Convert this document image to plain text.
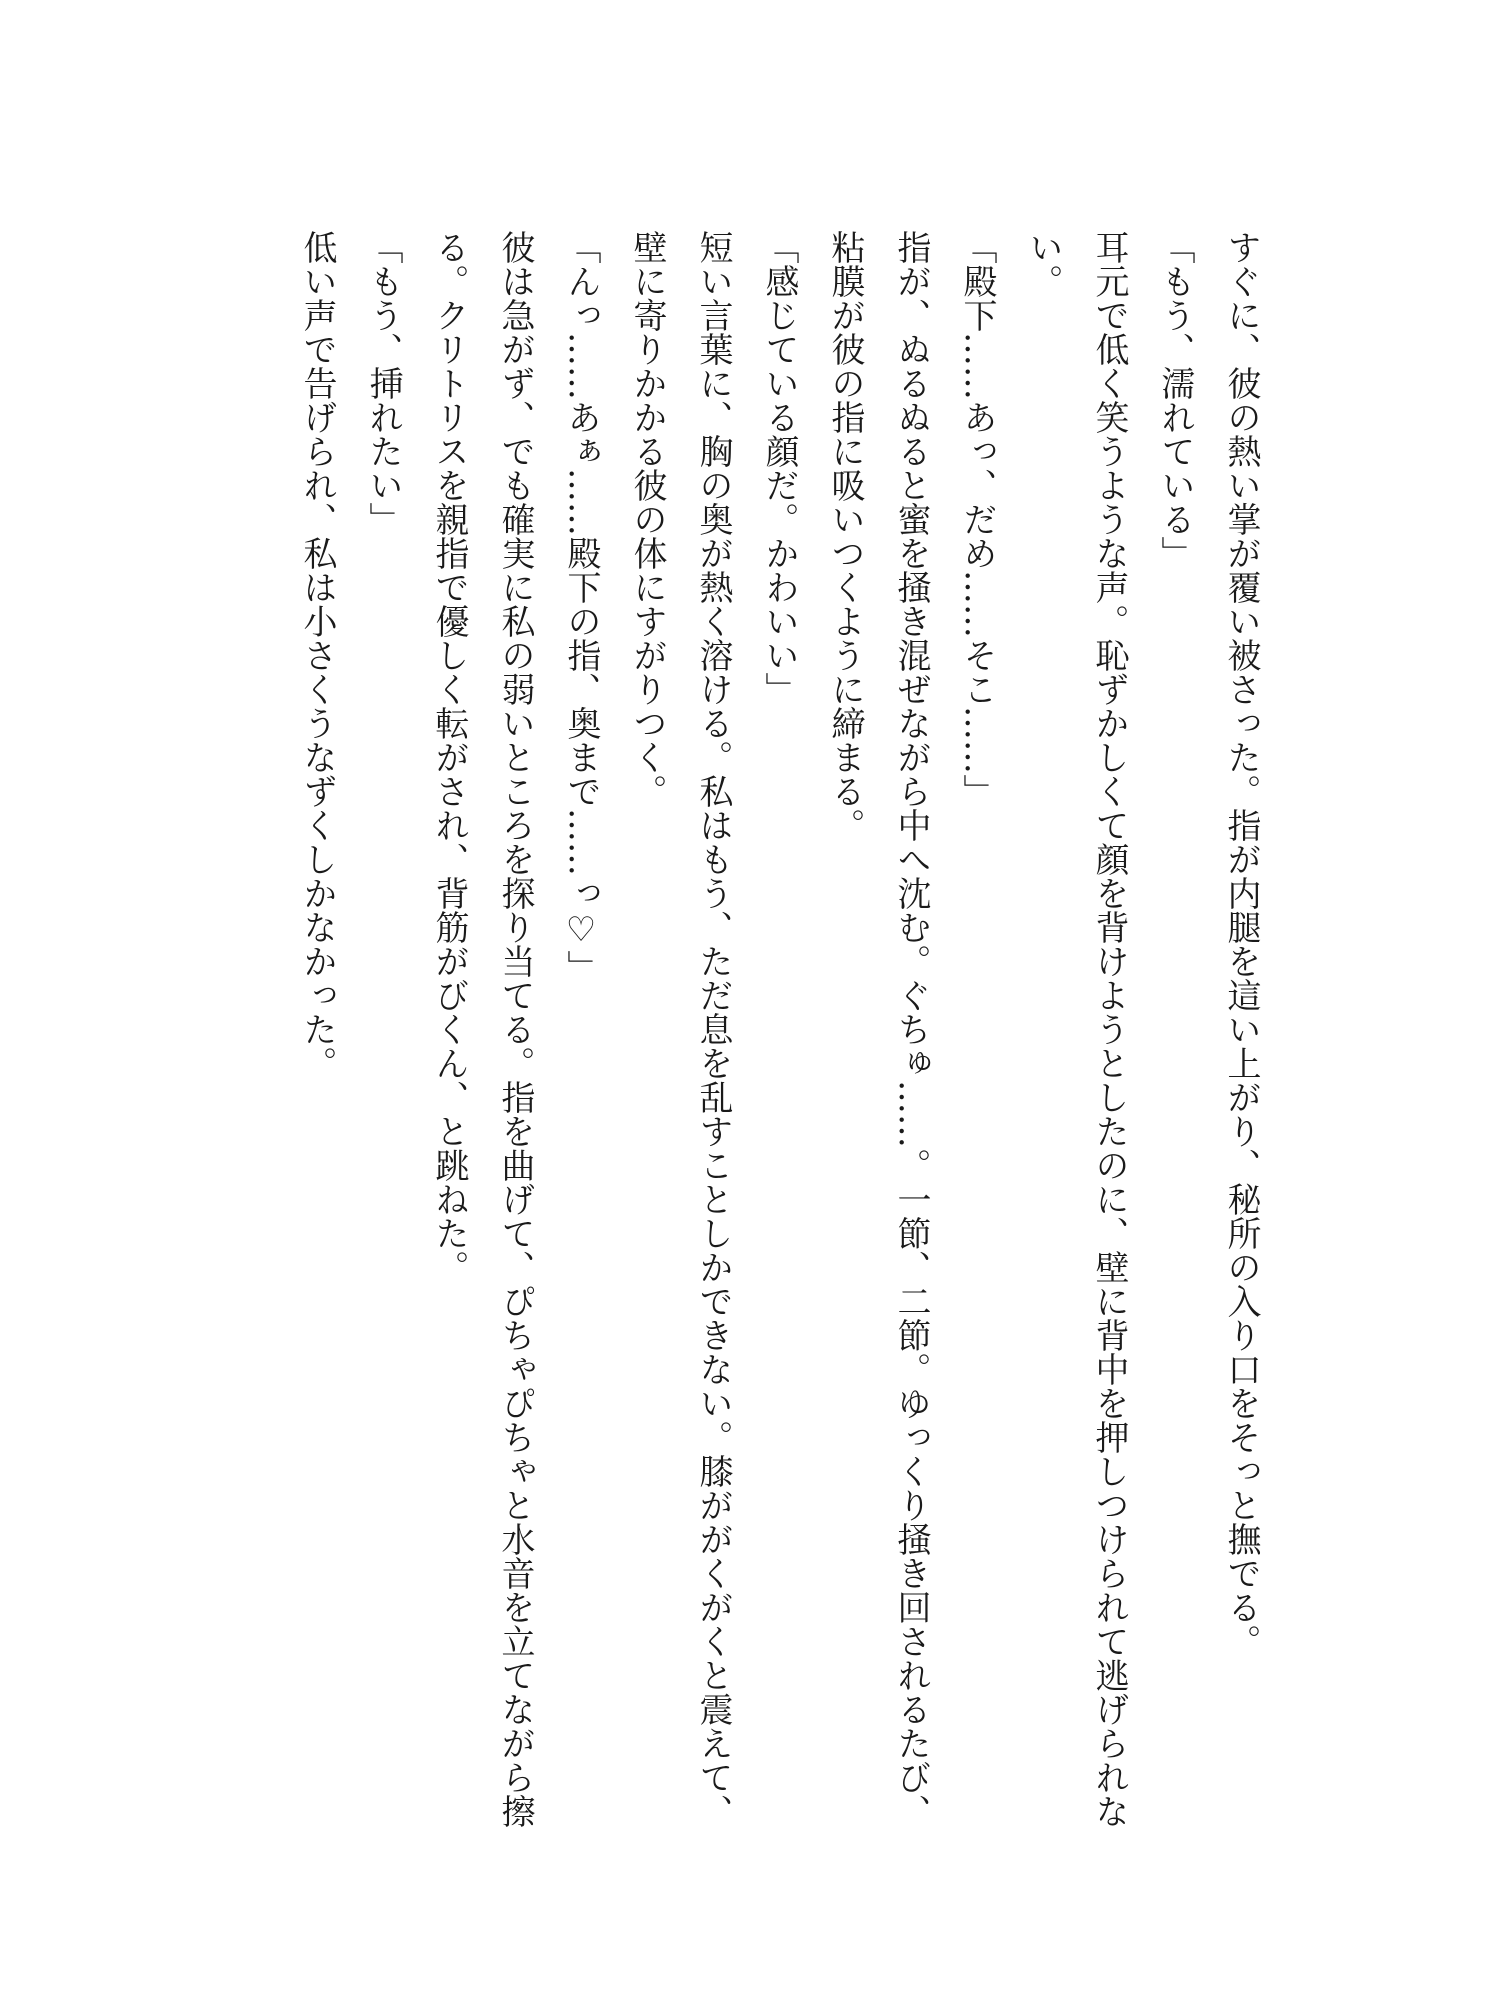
すぐに、彼の熱い掌が覆い被さった。指が内腿を這い上がり、秘所の入り口をそっと撫でる。

「もう、濡れている」

耳元で低く笑うような声。恥ずかしくて顔を背けようとしたのに、壁に背中を押しつけられて逃げられない。

「殿下……あっ、だめ……そこ……」

指が、ぬるぬると蜜を掻き混ぜながら中へ沈む。ぐちゅ……。一節、二節。ゆっくり掻き回されるたび、粘膜が彼の指に吸いつくように締まる。

「感じている顔だ。かわいい」

短い言葉に、胸の奥が熱く溶ける。私はもう、ただ息を乱すことしかできない。膝ががくがくと震えて、壁に寄りかかる彼の体にすがりつく。

「んっ……あぁ……殿下の指、奥まで……っ♡」

彼は急がず、でも確実に私の弱いところを探り当てる。指を曲げて、ぴちゃぴちゃと水音を立てながら擦る。クリトリスを親指で優しく転がされ、背筋がびくん、と跳ねた。

「もう、挿れたい」

低い声で告げられ、私は小さくうなずくしかなかった。
